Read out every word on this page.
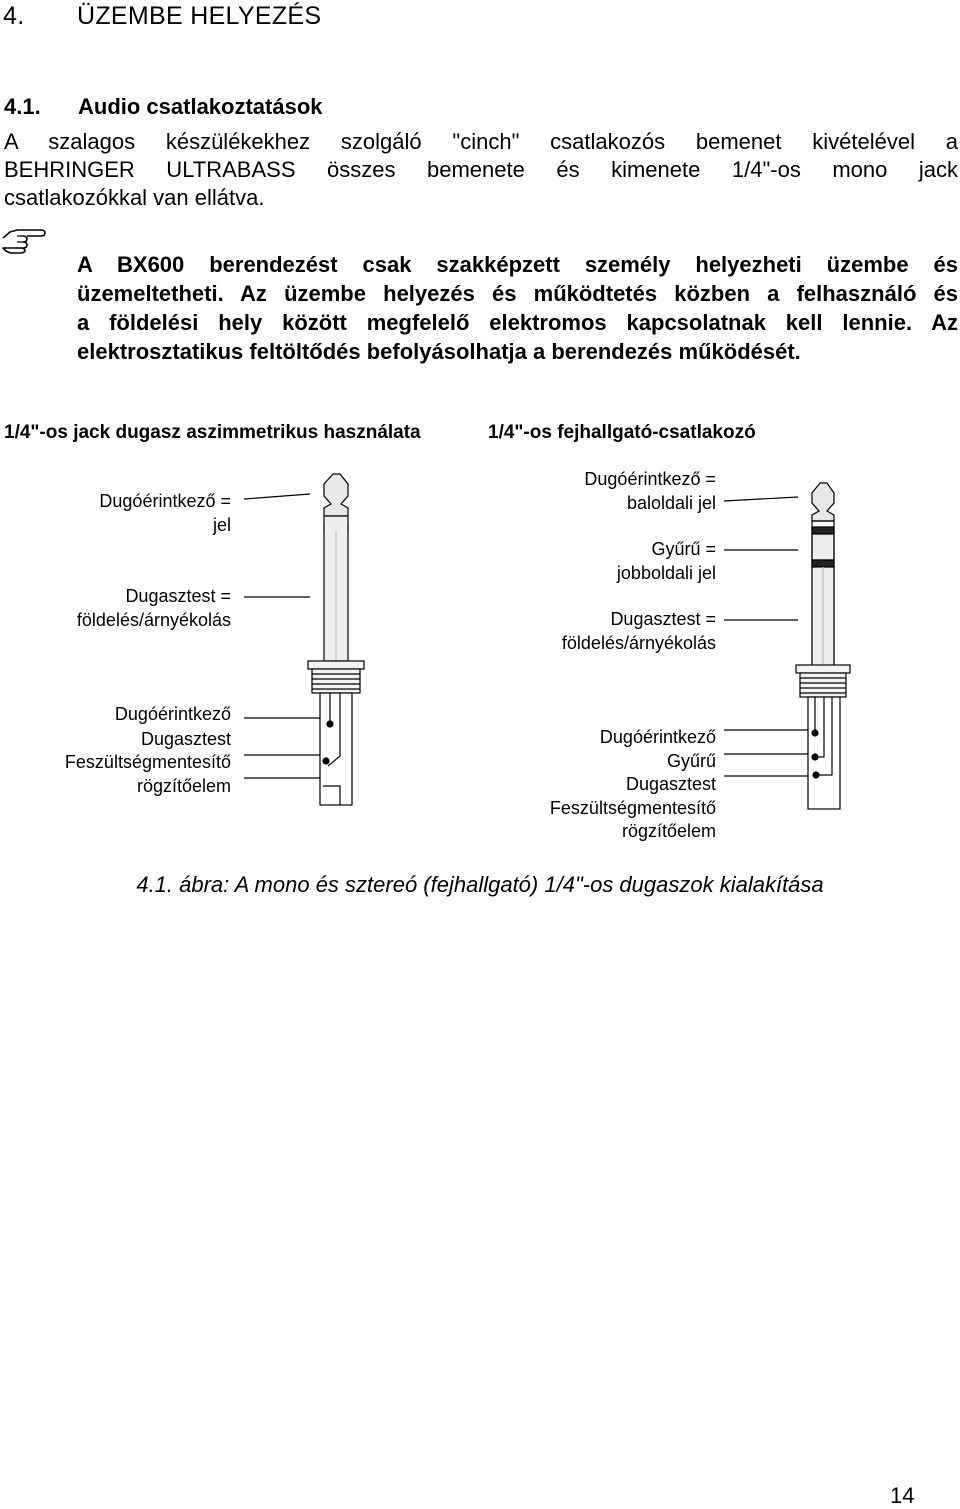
4. ÜZEMBE HELYEZÉS
4.1. Audio csatlakoztatások
A szalagos készülékekhez szolgáló "cinch" csatlakozós bemenet kivételével a
BEHRINGER ULTRABASS összes bemenete és kimenete 1/4"-os mono jack
csatlakozókkal van ellátva.
A BX600 berendezést csak szakképzett személy helyezheti üzembe és
üzemeltetheti. Az üzembe helyezés és működtetés közben a felhasználó és
a földelési hely között megfelelő elektromos kapcsolatnak kell lennie. Az
elektrosztatikus feltöltődés befolyásolhatja a berendezés működését.
1/4"-os jack dugasz aszimmetrikus használata	1/4"-os fejhallgató-csatlakozó
Dugóérintkező =
jel
Dugasztest =
földelés/árnyékolás
Dugóérintkező
Dugasztest
Feszültségmentesítő
rögzítőelem
Dugóérintkező =
baloldali jel
Gyűrű =
jobboldali jel
Dugasztest =
földelés/árnyékolás
Dugóérintkező
Gyűrű
Dugasztest
Feszültségmentesítő
rögzítőelem
4.1. ábra: A mono és sztereó (fejhallgató) 1/4"-os dugaszok kialakítása
14
